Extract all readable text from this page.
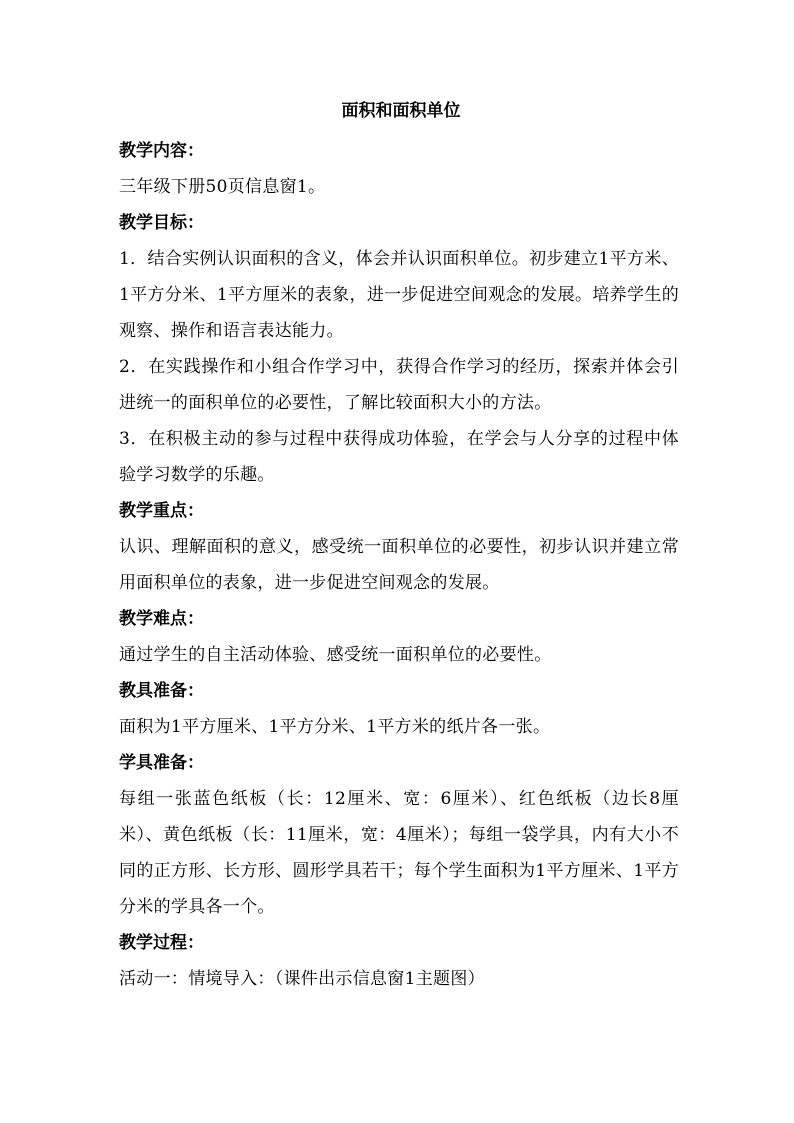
面积和面积单位
教学内容：

三年级下册50页信息窗1。

教学目标：

1．结合实例认识面积的含义，体会并认识面积单位。初步建立1平方米、1平方分米、1平方厘米的表象，进一步促进空间观念的发展。培养学生的观察、操作和语言表达能力。

2．在实践操作和小组合作学习中，获得合作学习的经历，探索并体会引进统一的面积单位的必要性，了解比较面积大小的方法。

3．在积极主动的参与过程中获得成功体验，在学会与人分享的过程中体验学习数学的乐趣。

教学重点：

认识、理解面积的意义，感受统一面积单位的必要性，初步认识并建立常用面积单位的表象，进一步促进空间观念的发展。

教学难点：

通过学生的自主活动体验、感受统一面积单位的必要性。

教具准备：

面积为1平方厘米、1平方分米、1平方米的纸片各一张。

学具准备：

每组一张蓝色纸板（长：12厘米、宽：6厘米）、红色纸板（边长8厘米）、黄色纸板（长：11厘米，宽：4厘米）；每组一袋学具，内有大小不同的正方形、长方形、圆形学具若干；每个学生面积为1平方厘米、1平方分米的学具各一个。

教学过程：

活动一：情境导入：（课件出示信息窗1主题图）
